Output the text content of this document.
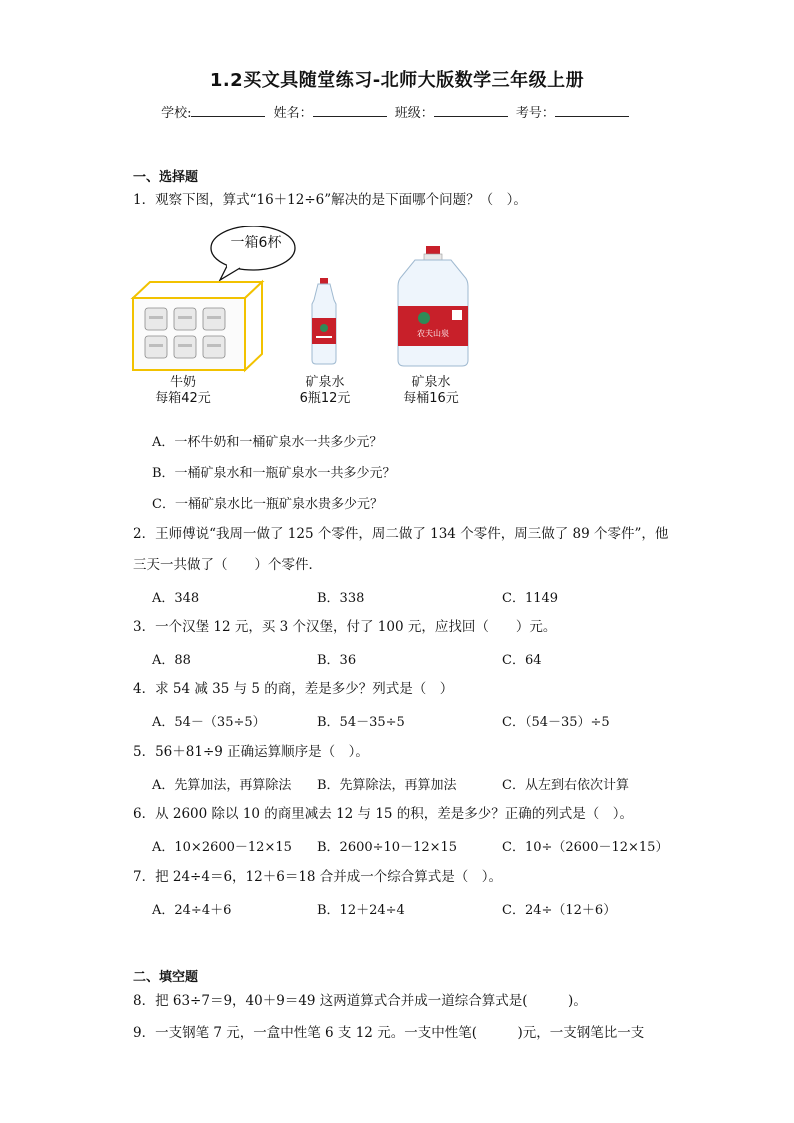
1.2买文具随堂练习-北师大版数学三年级上册
学校:	姓名：	班级：	考号：
一、选择题
1．观察下图，算式“16＋12÷6”解决的是下面哪个问题？（　）。
农夫山泉
一箱6杯
牛奶
每箱42元
矿泉水
6瓶12元
矿泉水
每桶16元
A．一杯牛奶和一桶矿泉水一共多少元？
B．一桶矿泉水和一瓶矿泉水一共多少元？
C．一桶矿泉水比一瓶矿泉水贵多少元？
2．王师傅说“我周一做了 125 个零件，周二做了 134 个零件，周三做了 89 个零件”，他
三天一共做了（　　）个零件．
A．348	B．338	C．1149
3．一个汉堡 12 元，买 3 个汉堡，付了 100 元，应找回（　　）元。
A．88	B．36	C．64
4．求 54 减 35 与 5 的商，差是多少？列式是（　）
A．54－（35÷5）	B．54－35÷5	C．（54－35）÷5
5．56＋81÷9 正确运算顺序是（　）。
A．先算加法，再算除法 B．先算除法，再算加法	C．从左到右依次计算
6．从 2600 除以 10 的商里减去 12 与 15 的积，差是多少？正确的列式是（　）。
A．10×2600－12×15 B．2600÷10－12×15	C．10÷（2600－12×15）
7．把 24÷4＝6，12＋6＝18 合并成一个综合算式是（　）。
A．24÷4＋6	B．12＋24÷4	C．24÷（12＋6）
二、填空题
8．把 63÷7＝9，40＋9＝49 这两道算式合并成一道综合算式是(　　　)。
9．一支钢笔 7 元，一盒中性笔 6 支 12 元。一支中性笔(　　　)元，一支钢笔比一支
